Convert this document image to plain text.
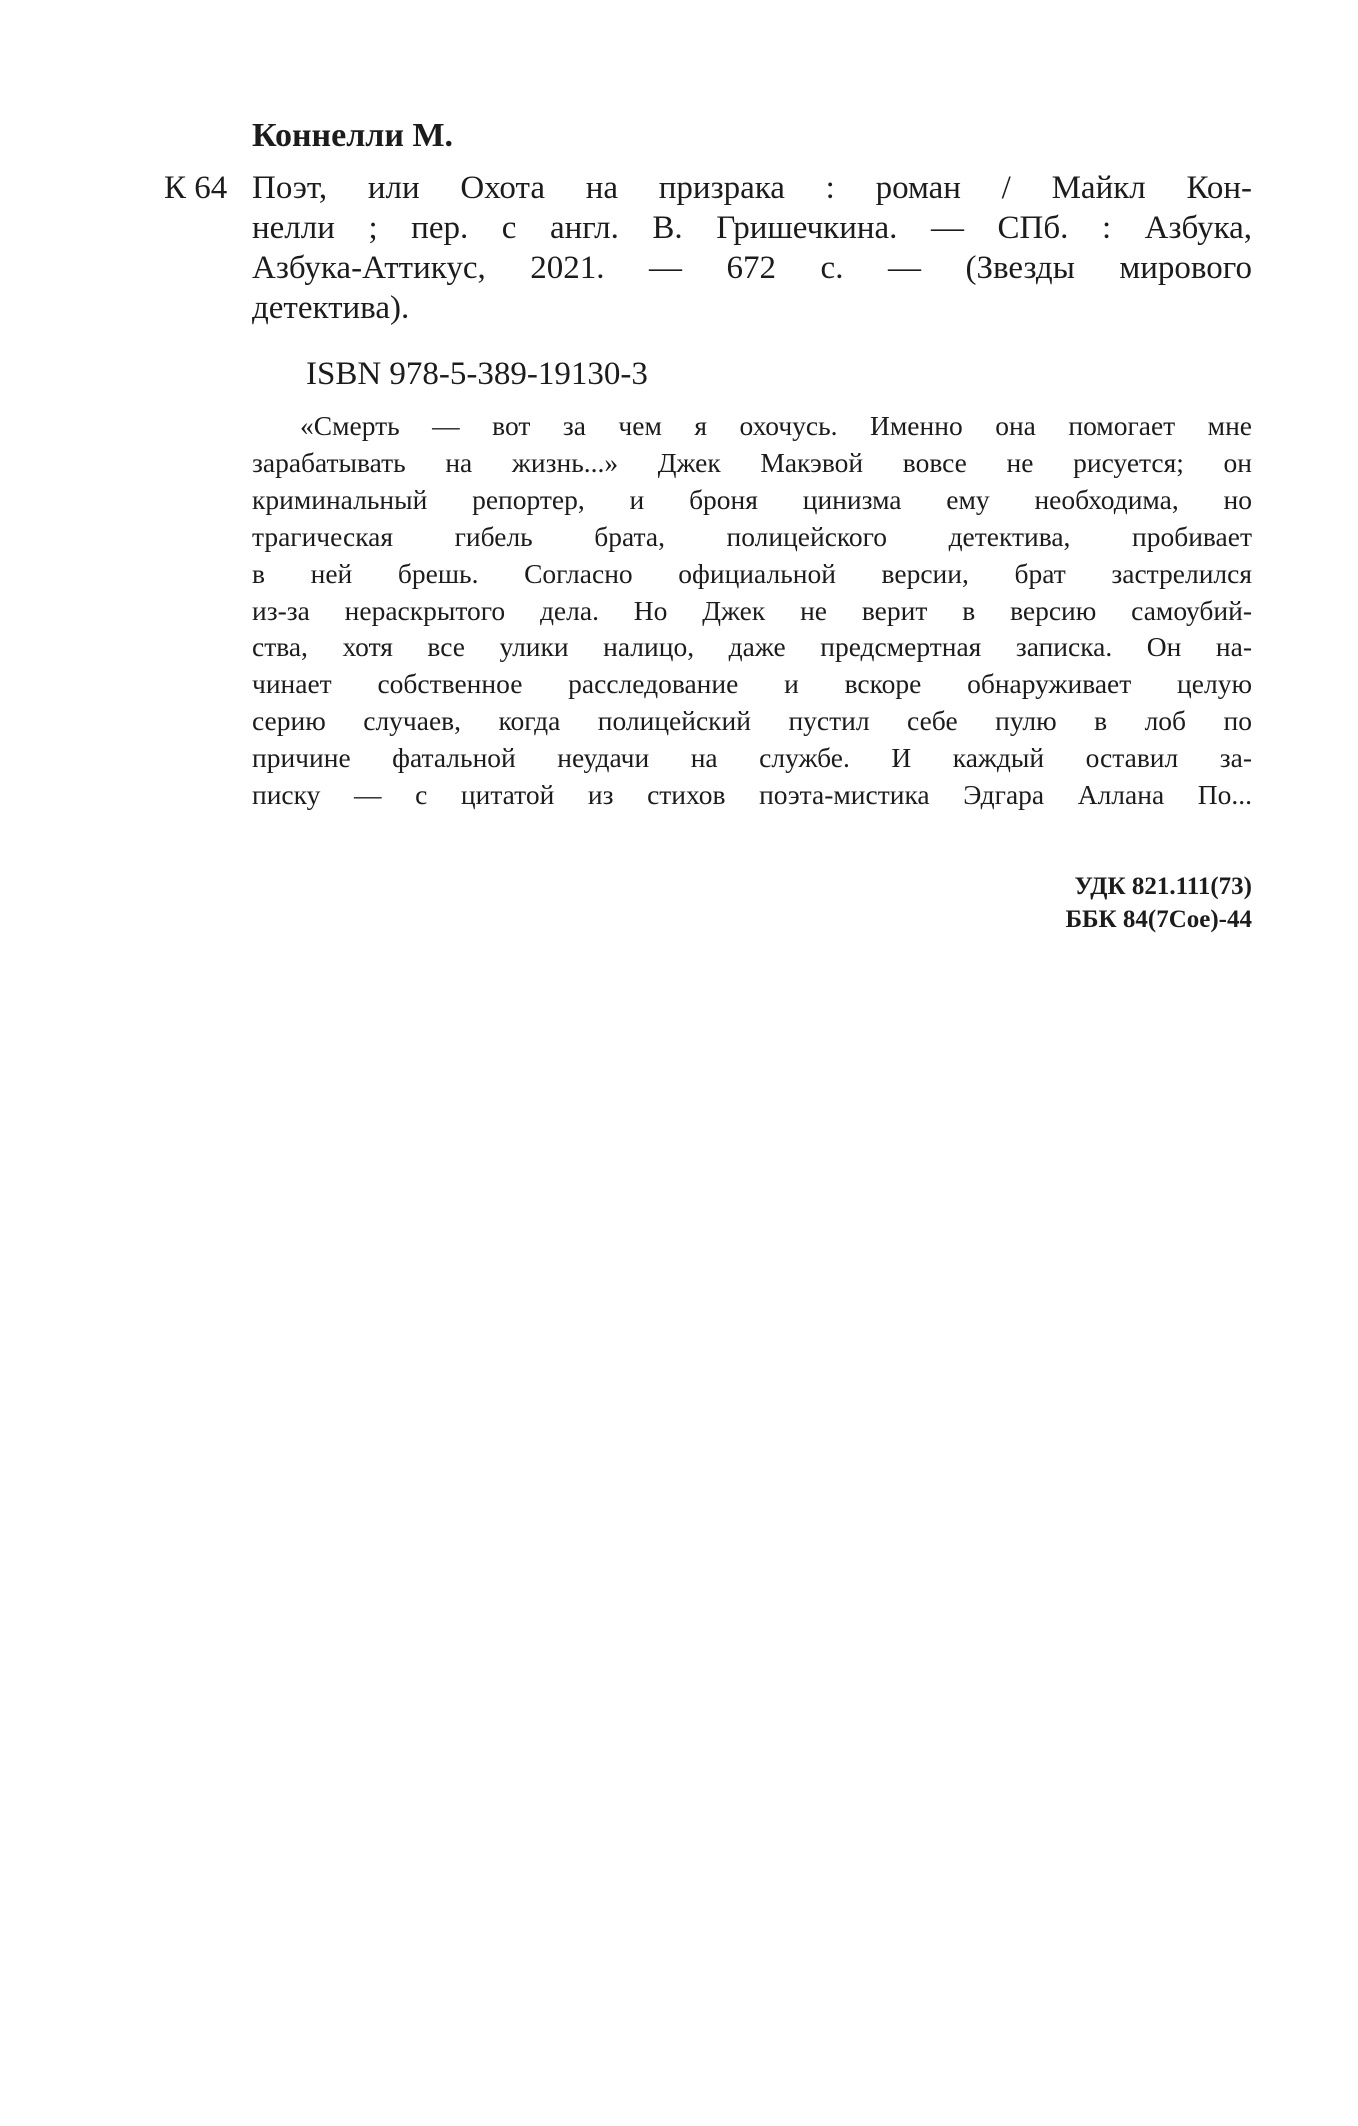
Коннелли М.
К 64 Поэт, или Охота на призрака : роман / Майкл Кон-
нелли ; пер. с англ. В. Гришечкина. — СПб. : Азбука,
Азбука-Аттикус, 2021. — 672 с. — (Звезды мирового
детектива).
ISBN 978-5-389-19130-3
«Смерть — вот за чем я охочусь. Именно она помогает мне
зарабатывать на жизнь...» Джек Макэвой вовсе не рисуется; он
криминальный репортер, и броня цинизма ему необходима, но
трагическая гибель брата, полицейского детектива, пробивает
в ней брешь. Согласно официальной версии, брат застрелился
из-за нераскрытого дела. Но Джек не верит в версию самоубий-
ства, хотя все улики налицо, даже предсмертная записка. Он на-
чинает собственное расследование и вскоре обнаруживает целую
серию случаев, когда полицейский пустил себе пулю в лоб по
причине фатальной неудачи на службе. И каждый оставил за-
писку — с цитатой из стихов поэта-мистика Эдгара Аллана По...
УДК 821.111(73)
ББК 84(7Сое)-44
